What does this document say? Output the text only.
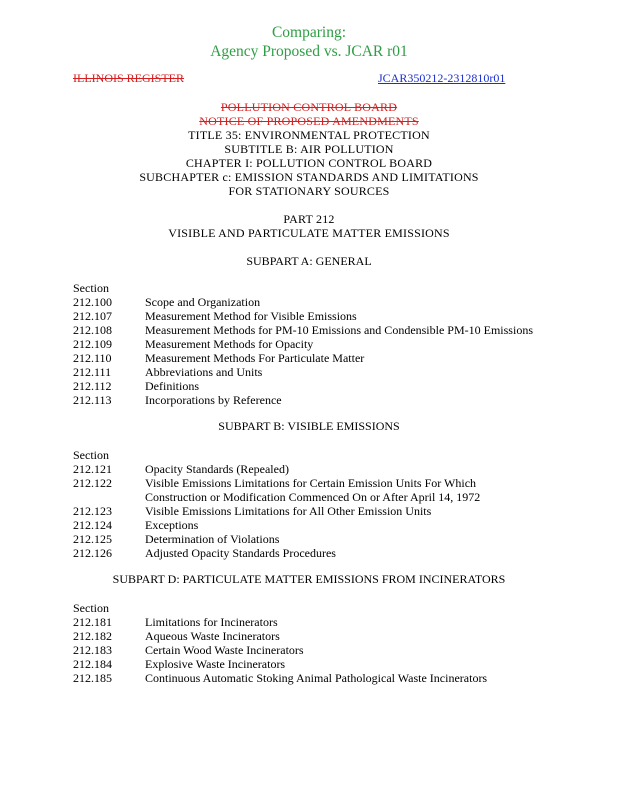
Comparing:
Agency Proposed vs. JCAR r01
ILLINOIS REGISTER	JCAR350212-2312810r01
POLLUTION CONTROL BOARD
NOTICE OF PROPOSED AMENDMENTS
TITLE 35: ENVIRONMENTAL PROTECTION
SUBTITLE B: AIR POLLUTION
CHAPTER I: POLLUTION CONTROL BOARD
SUBCHAPTER c: EMISSION STANDARDS AND LIMITATIONS
FOR STATIONARY SOURCES
PART 212
VISIBLE AND PARTICULATE MATTER EMISSIONS
SUBPART A: GENERAL
Section
212.100	Scope and Organization
212.107	Measurement Method for Visible Emissions
212.108	Measurement Methods for PM-10 Emissions and Condensible PM-10 Emissions
212.109	Measurement Methods for Opacity
212.110	Measurement Methods For Particulate Matter
212.111	Abbreviations and Units
212.112	Definitions
212.113	Incorporations by Reference
SUBPART B: VISIBLE EMISSIONS
Section
212.121	Opacity Standards (Repealed)
212.122	Visible Emissions Limitations for Certain Emission Units For Which
Construction or Modification Commenced On or After April 14, 1972
212.123	Visible Emissions Limitations for All Other Emission Units
212.124	Exceptions
212.125	Determination of Violations
212.126	Adjusted Opacity Standards Procedures
SUBPART D: PARTICULATE MATTER EMISSIONS FROM INCINERATORS
Section
212.181	Limitations for Incinerators
212.182	Aqueous Waste Incinerators
212.183	Certain Wood Waste Incinerators
212.184	Explosive Waste Incinerators
212.185	Continuous Automatic Stoking Animal Pathological Waste Incinerators
